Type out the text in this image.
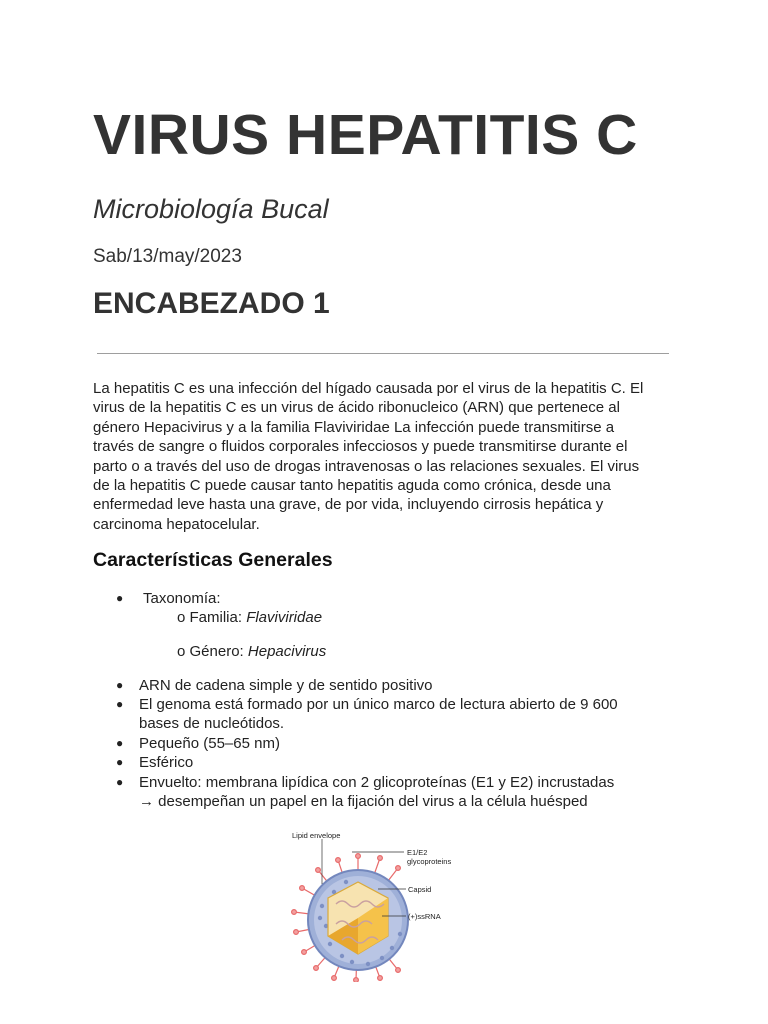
VIRUS HEPATITIS C

Microbiología Bucal

Sab/13/may/2023

ENCABEZADO 1

La hepatitis C es una infección del hígado causada por el virus de la hepatitis C. El
virus de la hepatitis C es un virus de ácido ribonucleico (ARN) que pertenece al
género Hepacivirus y a la familia Flaviviridae La infección puede transmitirse a
través de sangre o fluidos corporales infecciosos y puede transmitirse durante el
parto o a través del uso de drogas intravenosas o las relaciones sexuales. El virus
de la hepatitis C puede causar tanto hepatitis aguda como crónica, desde una
enfermedad leve hasta una grave, de por vida, incluyendo cirrosis hepática y
carcinoma hepatocelular.

Características Generales
● Taxonomía:
o Familia: Flaviviridae
o Género: Hepacivirus
● ARN de cadena simple y de sentido positivo
● El genoma está formado por un único marco de lectura abierto de 9 600
bases de nucleótidos.
● Pequeño (55–65 nm)
● Esférico
● Envuelto: membrana lipídica con 2 glicoproteínas (E1 y E2) incrustadas
→ desempeñan un papel en la fijación del virus a la célula huésped
Lipid envelope
E1/E2
glycoproteins
Capsid
(+)ssRNA
